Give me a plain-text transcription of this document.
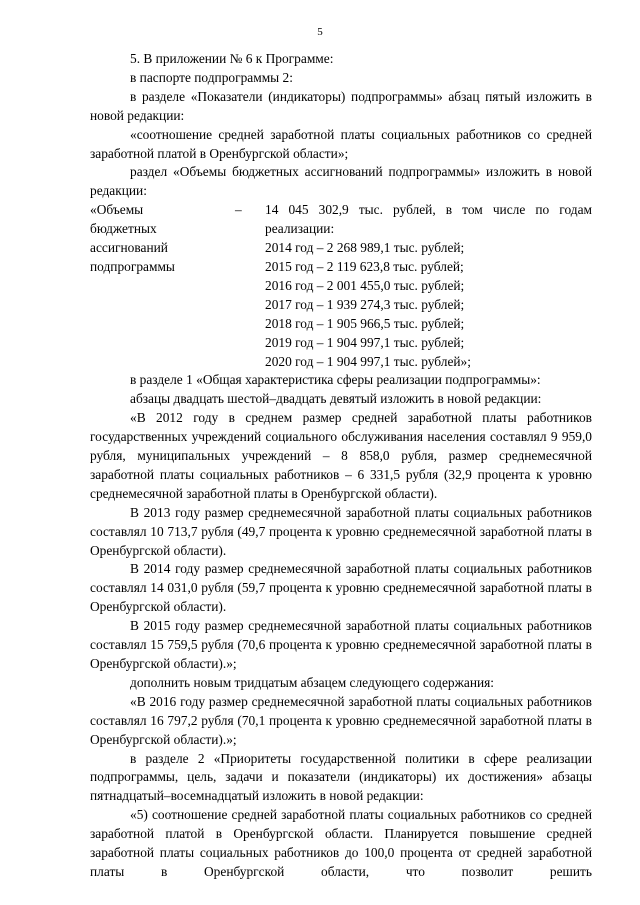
5

5. В приложении № 6 к Программе:

в паспорте подпрограммы 2:

в разделе «Показатели (индикаторы) подпрограммы» абзац пятый изложить в новой редакции:

«соотношение средней заработной платы социальных работников со средней заработной платой в Оренбургской области»;

раздел «Объемы бюджетных ассигнований подпрограммы» изложить в новой редакции:

«Объемы
бюджетных
ассигнований
подпрограммы
–	14 045 302,9 тыс. рублей, в том числе по годам
реализации:
2014 год – 2 268 989,1 тыс. рублей;
2015 год – 2 119 623,8 тыс. рублей;
2016 год – 2 001 455,0 тыс. рублей;
2017 год – 1 939 274,3 тыс. рублей;
2018 год – 1 905 966,5 тыс. рублей;
2019 год – 1 904 997,1 тыс. рублей;
2020 год – 1 904 997,1 тыс. рублей»;

в разделе 1 «Общая характеристика сферы реализации подпрограммы»:

абзацы двадцать шестой–двадцать девятый изложить в новой редакции:

«В 2012 году в среднем размер средней заработной платы работников государственных учреждений социального обслуживания населения составлял 9 959,0 рубля, муниципальных учреждений – 8 858,0 рубля, размер среднемесячной заработной платы социальных работников – 6 331,5 рубля (32,9 процента к уровню среднемесячной заработной платы в Оренбургской области).

В 2013 году размер среднемесячной заработной платы социальных работников составлял 10 713,7 рубля (49,7 процента к уровню среднемесячной заработной платы в Оренбургской области).

В 2014 году размер среднемесячной заработной платы социальных работников составлял 14 031,0 рубля (59,7 процента к уровню среднемесячной заработной платы в Оренбургской области).

В 2015 году размер среднемесячной заработной платы социальных работников составлял 15 759,5 рубля (70,6 процента к уровню среднемесячной заработной платы в Оренбургской области).»;

дополнить новым тридцатым абзацем следующего содержания:

«В 2016 году размер среднемесячной заработной платы социальных работников составлял 16 797,2 рубля (70,1 процента к уровню среднемесячной заработной платы в Оренбургской области).»;

в разделе 2 «Приоритеты государственной политики в сфере реализации подпрограммы, цель, задачи и показатели (индикаторы) их достижения» абзацы пятнадцатый–восемнадцатый изложить в новой редакции:

«5) соотношение средней заработной платы социальных работников со средней заработной платой в Оренбургской области. Планируется повышение средней заработной платы социальных работников до 100,0 процента от средней заработной платы в Оренбургской области, что позволит решить
